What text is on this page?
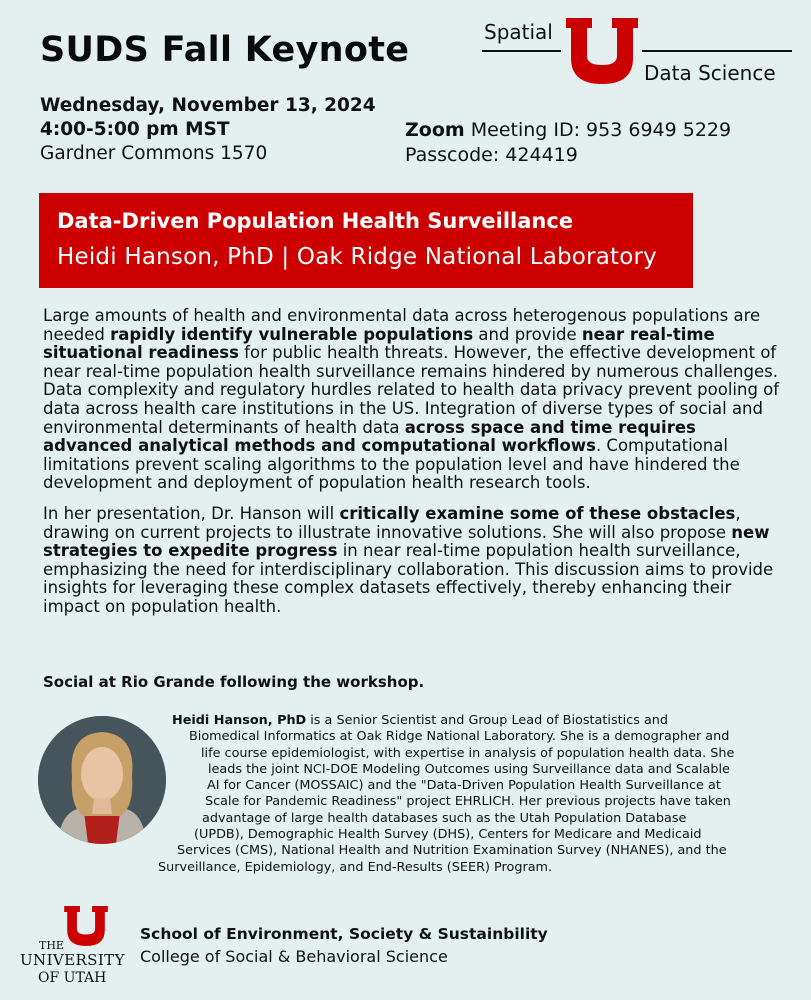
SUDS Fall Keynote
Wednesday, November 13, 2024
4:00-5:00 pm MST
Gardner Commons 1570
Spatial
Data Science
Zoom Meeting ID: 953 6949 5229
Passcode: 424419
Data-Driven Population Health Surveillance
Heidi Hanson, PhD | Oak Ridge National Laboratory

Large amounts of health and environmental data across heterogenous populations are needed rapidly identify vulnerable populations and provide near real-time situational readiness for public health threats. However, the effective development of near real-time population health surveillance remains hindered by numerous challenges. Data complexity and regulatory hurdles related to health data privacy prevent pooling of data across health care institutions in the US. Integration of diverse types of social and environmental determinants of health data across space and time requires advanced analytical methods and computational workflows. Computational limitations prevent scaling algorithms to the population level and have hindered the development and deployment of population health research tools.

In her presentation, Dr. Hanson will critically examine some of these obstacles, drawing on current projects to illustrate innovative solutions. She will also propose new strategies to expedite progress in near real-time population health surveillance, emphasizing the need for interdisciplinary collaboration. This discussion aims to provide insights for leveraging these complex datasets effectively, thereby enhancing their impact on population health.

Social at Rio Grande following the workshop.
Heidi Hanson, PhD is a Senior Scientist and Group Lead of Biostatistics and
Biomedical Informatics at Oak Ridge National Laboratory. She is a demographer and
life course epidemiologist, with expertise in analysis of population health data. She
leads the joint NCI-DOE Modeling Outcomes using Surveillance data and Scalable
AI for Cancer (MOSSAIC) and the "Data-Driven Population Health Surveillance at
Scale for Pandemic Readiness" project EHRLICH. Her previous projects have taken
advantage of large health databases such as the Utah Population Database
(UPDB), Demographic Health Survey (DHS), Centers for Medicare and Medicaid
Services (CMS), National Health and Nutrition Examination Survey (NHANES), and the
Surveillance, Epidemiology, and End-Results (SEER) Program.
THE
UNIVERSITY
OF UTAH
School of Environment, Society & Sustainbility
College of Social & Behavioral Science
